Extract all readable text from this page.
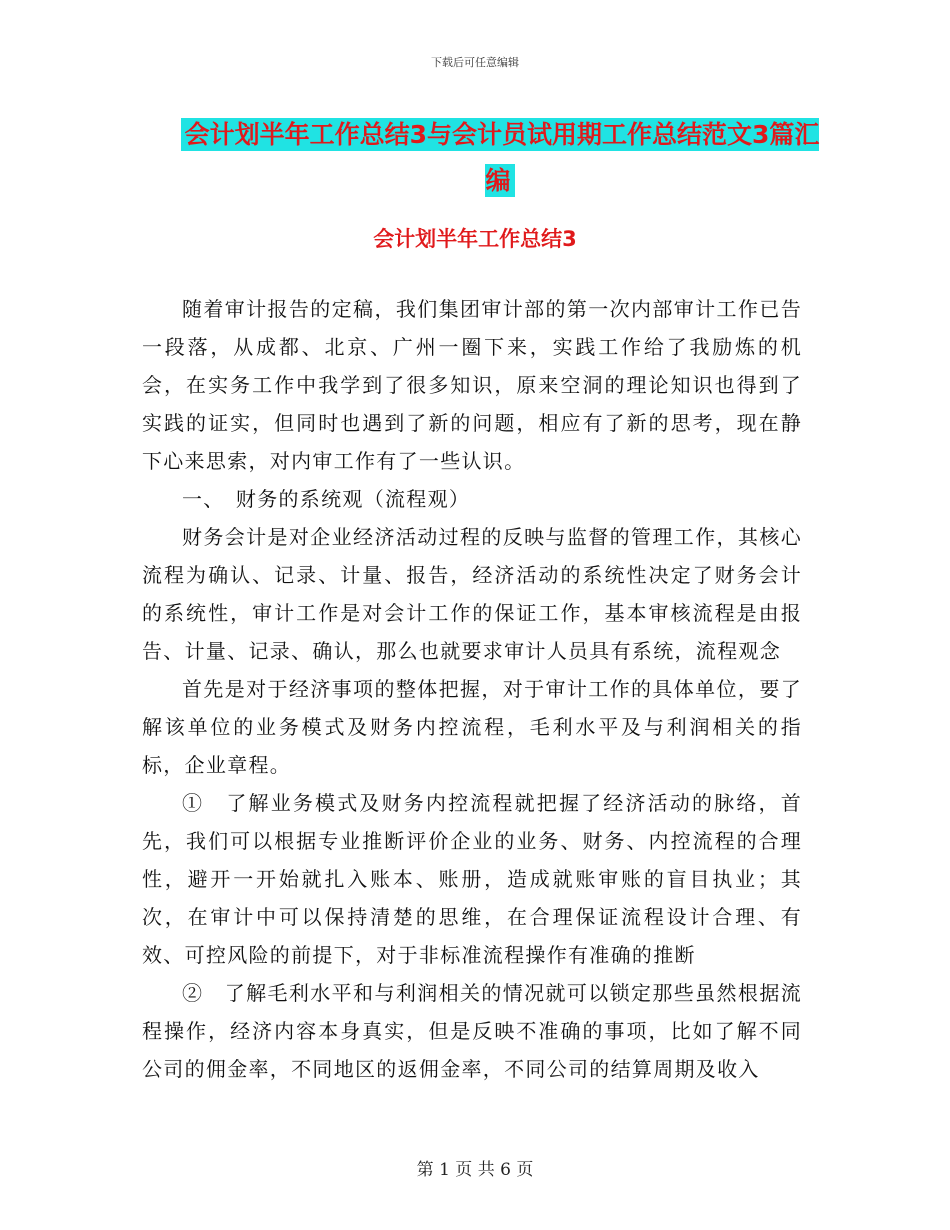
下载后可任意编辑
会计划半年工作总结3与会计员试用期工作总结范文3篇汇编
会计划半年工作总结3

随着审计报告的定稿，我们集团审计部的第一次内部审计工作已告一段落，从成都、北京、广州一圈下来，实践工作给了我励炼的机会，在实务工作中我学到了很多知识，原来空洞的理论知识也得到了实践的证实，但同时也遇到了新的问题，相应有了新的思考，现在静下心来思索，对内审工作有了一些认识。

一、　财务的系统观（流程观）

财务会计是对企业经济活动过程的反映与监督的管理工作，其核心流程为确认、记录、计量、报告，经济活动的系统性决定了财务会计的系统性，审计工作是对会计工作的保证工作，基本审核流程是由报告、计量、记录、确认，那么也就要求审计人员具有系统，流程观念

首先是对于经济事项的整体把握，对于审计工作的具体单位，要了解该单位的业务模式及财务内控流程，毛利水平及与利润相关的指标，企业章程。

①　了解业务模式及财务内控流程就把握了经济活动的脉络，首先，我们可以根据专业推断评价企业的业务、财务、内控流程的合理性，避开一开始就扎入账本、账册，造成就账审账的盲目执业；其次，在审计中可以保持清楚的思维，在合理保证流程设计合理、有效、可控风险的前提下，对于非标准流程操作有准确的推断

②　了解毛利水平和与利润相关的情况就可以锁定那些虽然根据流程操作，经济内容本身真实，但是反映不准确的事项，比如了解不同公司的佣金率，不同地区的返佣金率，不同公司的结算周期及收入

第 1 页 共 6 页
